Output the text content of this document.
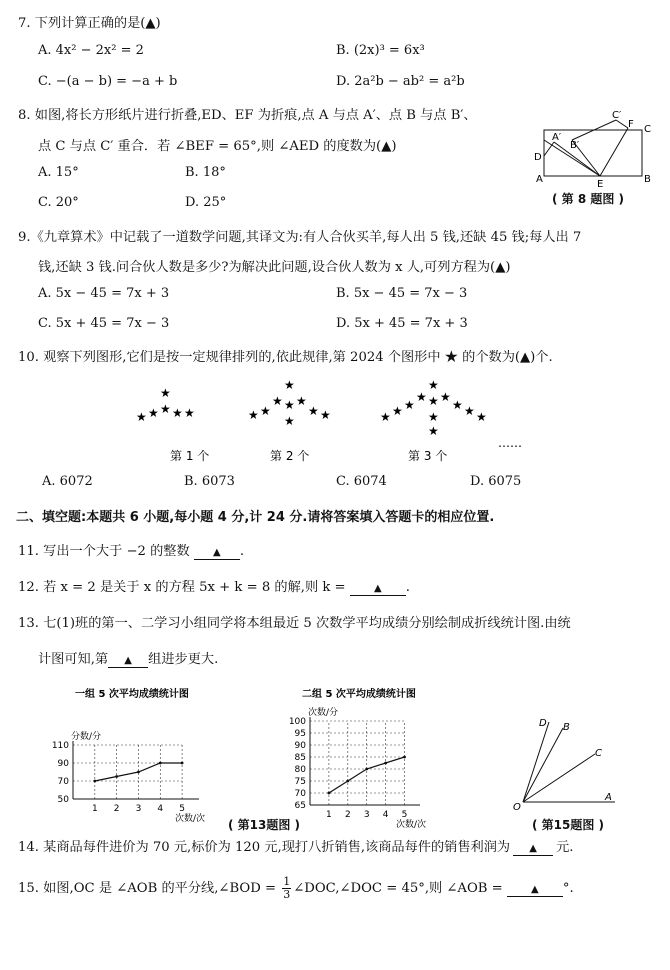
7. 下列计算正确的是(▲)
A. 4x² − 2x² = 2	B. (2x)³ = 6x³
C. −(a − b) = −a + b	D. 2a²b − ab² = a²b
8. 如图,将长方形纸片进行折叠,ED、EF 为折痕,点 A 与点 A′、点 B 与点 B′、
点 C 与点 C′ 重合．若 ∠BEF = 65°,则 ∠AED 的度数为(▲)
A. 15°	B. 18°
C. 20°	D. 25°
C′
F C
A′
B′
D
A	E	B
( 第 8 题图 )
9.《九章算术》中记载了一道数学问题,其译文为:有人合伙买羊,每人出 5 钱,还缺 45 钱;每人出 7
钱,还缺 3 钱.问合伙人数是多少?为解决此问题,设合伙人数为 x 人,可列方程为(▲)
A. 5x − 45 = 7x + 3	B. 5x − 45 = 7x − 3
C. 5x + 45 = 7x − 3	D. 5x + 45 = 7x + 3
10. 观察下列图形,它们是按一定规律排列的,依此规律,第 2024 个图形中 ★ 的个数为(▲)个.
第 1 个	第 2 个	第 3 个
……
★
★ ★ ★ ★
★
★
★ ★
★ ★ ★
★	★
★
★
★ ★
★ ★ ★
★	★
★	★
★
★
A. 6072	B. 6073	C. 6074	D. 6075
二、填空题:本题共 6 小题,每小题 4 分,计 24 分.请将答案填入答题卡的相应位置.
11. 写出一个大于 −2 的整数 ▲ .
12. 若 x = 2 是关于 x 的方程 5x + k = 8 的解,则 k =	▲ .
13. 七(1)班的第一、二学习小组同学将本组最近 5 次数学平均成绩分别绘制成折线统计图.由统
计图可知,第 ▲ 组进步更大.
一组 5 次平均成绩统计图
分数/分
50
70
90
110
1 2 3 4 5
次数/次
二组 5 次平均成绩统计图
次数/分
65
70
75
80
85
90
95
100
1 2 3 4 5
次数/次
( 第13题图 )
D B
C
O
A
( 第15题图 )
14. 某商品每件进价为 70 元,标价为 120 元,现打八折销售,该商品每件的销售利润为 ▲ 元.
15. 如图,OC 是 ∠AOB 的平分线,∠BOD = $\frac{1}{3}$ ∠DOC,∠DOC = 45°,则 ∠AOB =	▲ °.
